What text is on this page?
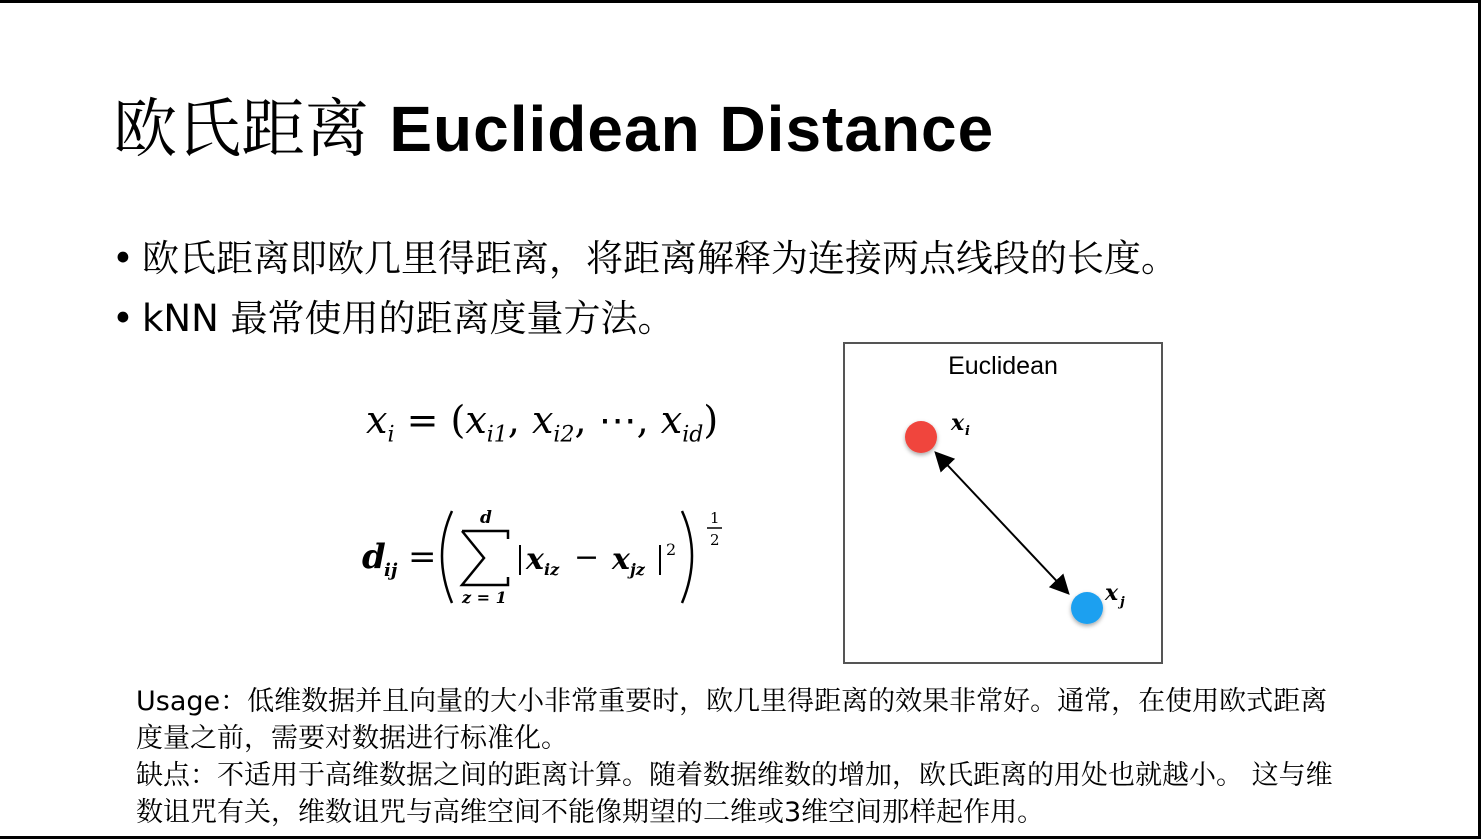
欧氏距离 Euclidean Distance
• 欧氏距离即欧几里得距离，将距离解释为连接两点线段的长度。
• kNN 最常使用的距离度量方法。
$x_i = (x_{i1}$, $x_{i2}$, ⋯, $x_{id}$)
d
ij =
d
z = 1
x iz x jz
−	2
1
2
Euclidean
x i
x j

Usage：低维数据并且向量的大小非常重要时，欧几里得距离的效果非常好。通常，在使用欧式距离度量之前，需要对数据进行标准化。

缺点：不适用于高维数据之间的距离计算。随着数据维数的增加，欧氏距离的用处也就越小。 这与维数诅咒有关，维数诅咒与高维空间不能像期望的二维或3维空间那样起作用。
